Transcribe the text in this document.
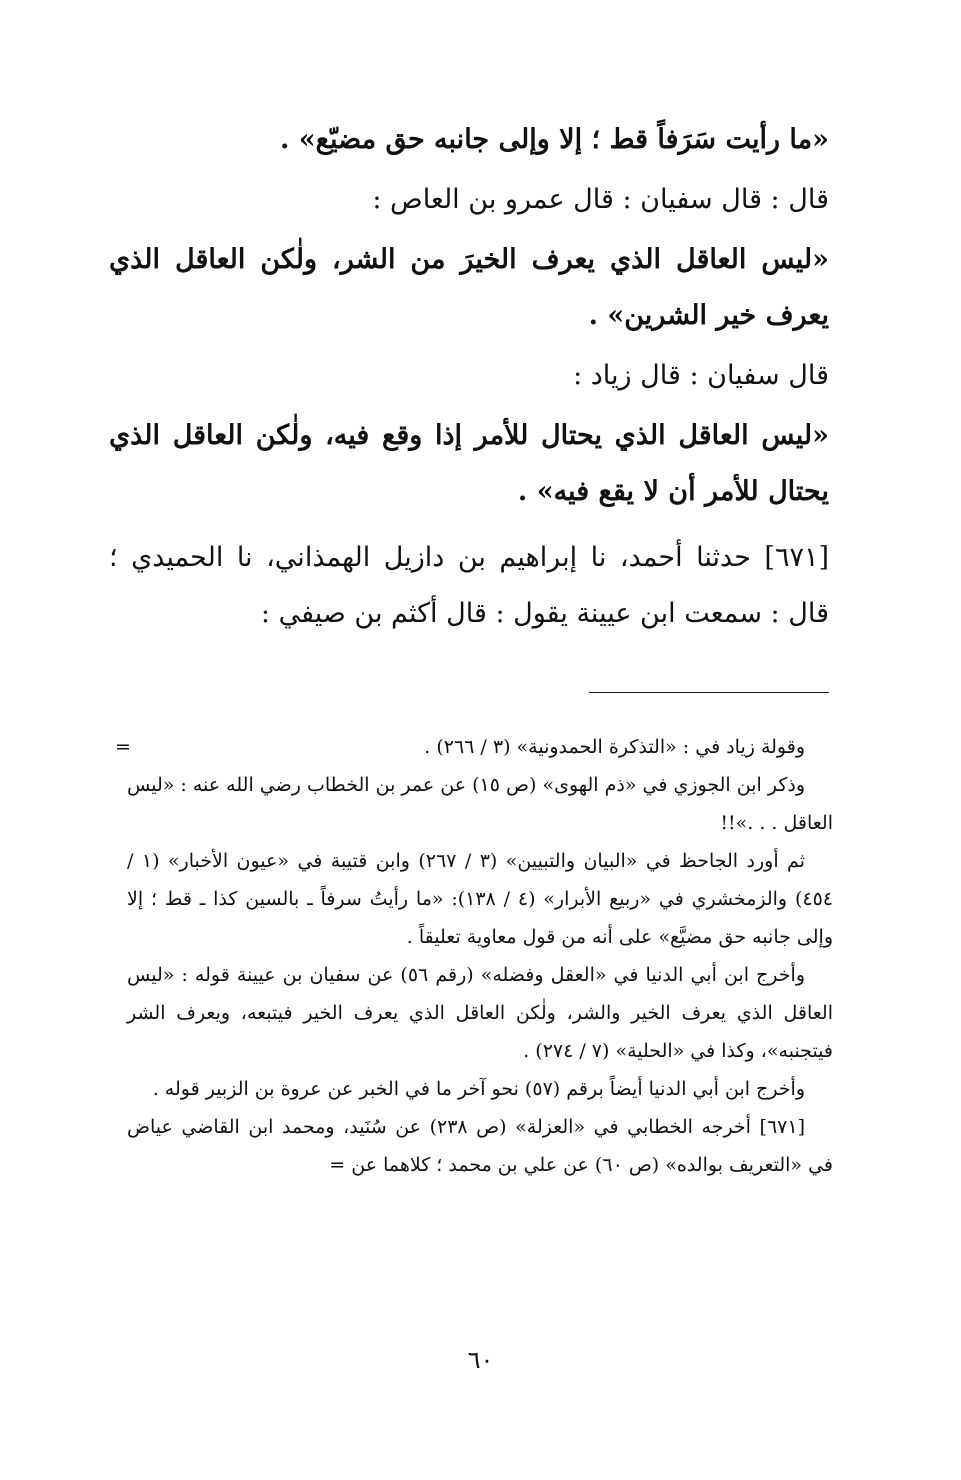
«ما رأيت سَرَفاً قط ؛ إلا وإلى جانبه حق مضيّع» .
قال : قال سفيان : قال عمرو بن العاص :
«ليس العاقل الذي يعرف الخيرَ من الشر، ولٰكن العاقل الذي يعرف خير الشرين» .
قال سفيان : قال زياد :
«ليس العاقل الذي يحتال للأمر إذا وقع فيه، ولٰكن العاقل الذي يحتال للأمر أن لا يقع فيه» .
[٦٧١] حدثنا أحمد، نا إبراهيم بن دازيل الهمذاني، نا الحميدي ؛ قال : سمعت ابن عيينة يقول : قال أكثم بن صيفي :
=	وقولة زياد في : «التذكرة الحمدونية» (٣ / ٢٦٦) .

وذكر ابن الجوزي في «ذم الهوى» (ص ١٥) عن عمر بن الخطاب رضي الله عنه : «ليس العاقل . . .»!!

ثم أورد الجاحظ في «البيان والتبيين» (٣ / ٢٦٧) وابن قتيبة في «عيون الأخبار» (١ / ٤٥٤) والزمخشري في «ربيع الأبرار» (٤ / ١٣٨): «ما رأيتُ سرفاً ـ بالسين كذا ـ قط ؛ إلا وإلى جانبه حق مضيَّع» على أنه من قول معاوية تعليقاً .

وأخرج ابن أبي الدنيا في «العقل وفضله» (رقم ٥٦) عن سفيان بن عيينة قوله : «ليس العاقل الذي يعرف الخير والشر، ولٰكن العاقل الذي يعرف الخير فيتبعه، ويعرف الشر فيتجنبه»، وكذا في «الحلية» (٧ / ٢٧٤) .

وأخرج ابن أبي الدنيا أيضاً برقم (٥٧) نحو آخر ما في الخبر عن عروة بن الزبير قوله .

[٦٧١] أخرجه الخطابي في «العزلة» (ص ٢٣٨) عن سُنَيد، ومحمد ابن القاضي عياض في «التعريف بوالده» (ص ٦٠) عن علي بن محمد ؛ كلاهما عن =

٦٠
